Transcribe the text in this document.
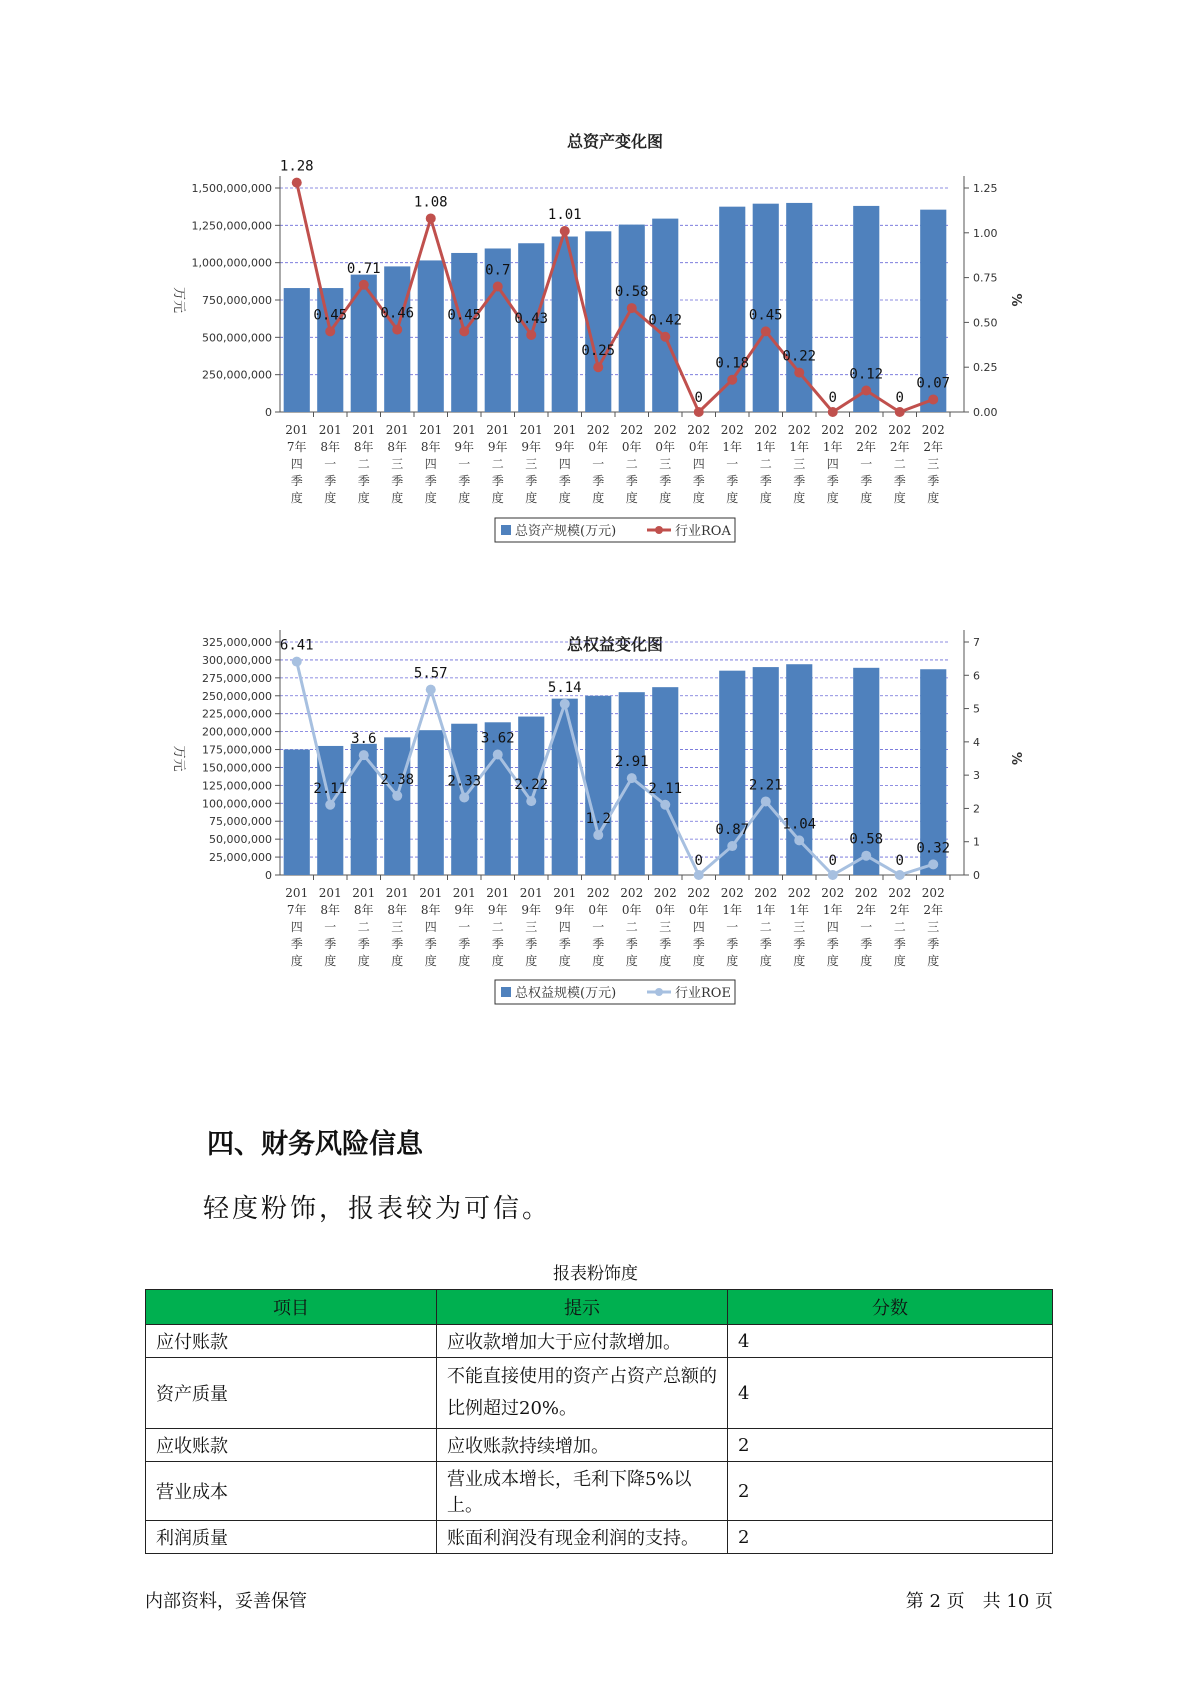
总资产变化图
0
250,000,000
500,000,000
750,000,000
1,000,000,000
1,250,000,000
1,500,000,000
0.00
0.25
0.50
0.75
1.00
1.25
万元	%
201 7年四季度
201 8年一季度
201 8年二季度
201 8年三季度
201 8年四季度
201 9年一季度
201 9年二季度
201 9年三季度
201 9年四季度
202 0年一季度
202 0年二季度
202 0年三季度
202 0年四季度
202 1年一季度
202 1年二季度
202 1年三季度
202 1年四季度
202 2年一季度
202 2年二季度
202 2年三季度
1.28
0.45
0.71
0.46
1.08
0.45
0.7
0.43
1.01
0.25
0.58
0.42
0
0.18
0.45
0.22
0
0.12
0
0.07
总资产规模(万元)	行业ROA
总权益变化图
0
25,000,000
50,000,000
75,000,000
100,000,000
125,000,000
150,000,000
175,000,000
200,000,000
225,000,000
250,000,000
275,000,000
300,000,000
325,000,000
0
1
2
3
4
5
6
7
万元	%
201 7年四季度
201 8年一季度
201 8年二季度
201 8年三季度
201 8年四季度
201 9年一季度
201 9年二季度
201 9年三季度
201 9年四季度
202 0年一季度
202 0年二季度
202 0年三季度
202 0年四季度
202 1年一季度
202 1年二季度
202 1年三季度
202 1年四季度
202 2年一季度
202 2年二季度
202 2年三季度
6.41
2.11
3.6
2.38
5.57
2.33
3.62
2.22
5.14
1.2
2.91
2.11
0
0.87
2.21
1.04
0
0.58
0
0.32
总权益规模(万元)	行业ROE
四、财务风险信息
轻度粉饰，报表较为可信。
报表粉饰度
项目	提示	分数
应付账款	应收款增加大于应付款增加。	4
资产质量	不能直接使用的资产占资产总额的比例超过20%。	4
应收账款	应收账款持续增加。	2
营业成本	营业成本增长，毛利下降5%以上。	2
利润质量	账面利润没有现金利润的支持。	2
内部资料，妥善保管	第 2 页　共 10 页
